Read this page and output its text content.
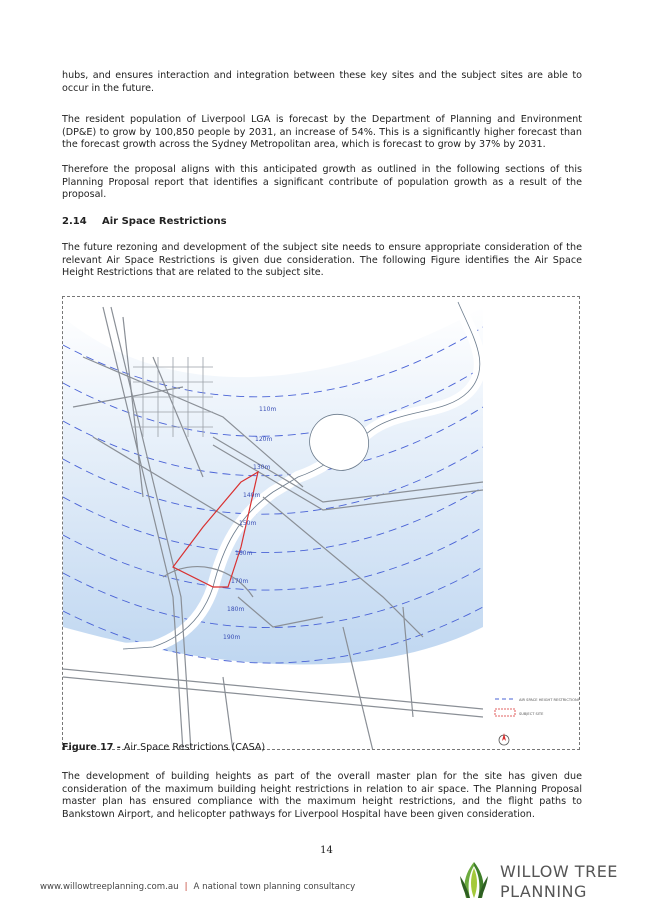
hubs, and ensures interaction and integration between these key sites and the subject sites are able to occur in the future.

The resident population of Liverpool LGA is forecast by the Department of Planning and Environment (DP&E) to grow by 100,850 people by 2031, an increase of 54%. This is a significantly higher forecast than the forecast growth across the Sydney Metropolitan area, which is forecast to grow by 37% by 2031.

Therefore the proposal aligns with this anticipated growth as outlined in the following sections of this Planning Proposal report that identifies a significant contribute of population growth as a result of the proposal.

2.14 Air Space Restrictions

The future rezoning and development of the subject site needs to ensure appropriate consideration of the relevant Air Space Restrictions is given due consideration. The following Figure identifies the Air Space Height Restrictions that are related to the subject site.

110m
120m
130m
140m
150m
160m
170m
180m
190m
AIR SPACE HEIGHT RESTRICTIONS
SUBJECT SITE
Figure 17 - Air Space Restrictions (CASA)

The development of building heights as part of the overall master plan for the site has given due consideration of the maximum building height restrictions in relation to air space. The Planning Proposal master plan has ensured compliance with the maximum height restrictions, and the flight paths to Bankstown Airport, and helicopter pathways for Liverpool Hospital have been given consideration.

14
www.willowtreeplanning.com.au | A national town planning consultancy
WILLOW TREE
PLANNING
